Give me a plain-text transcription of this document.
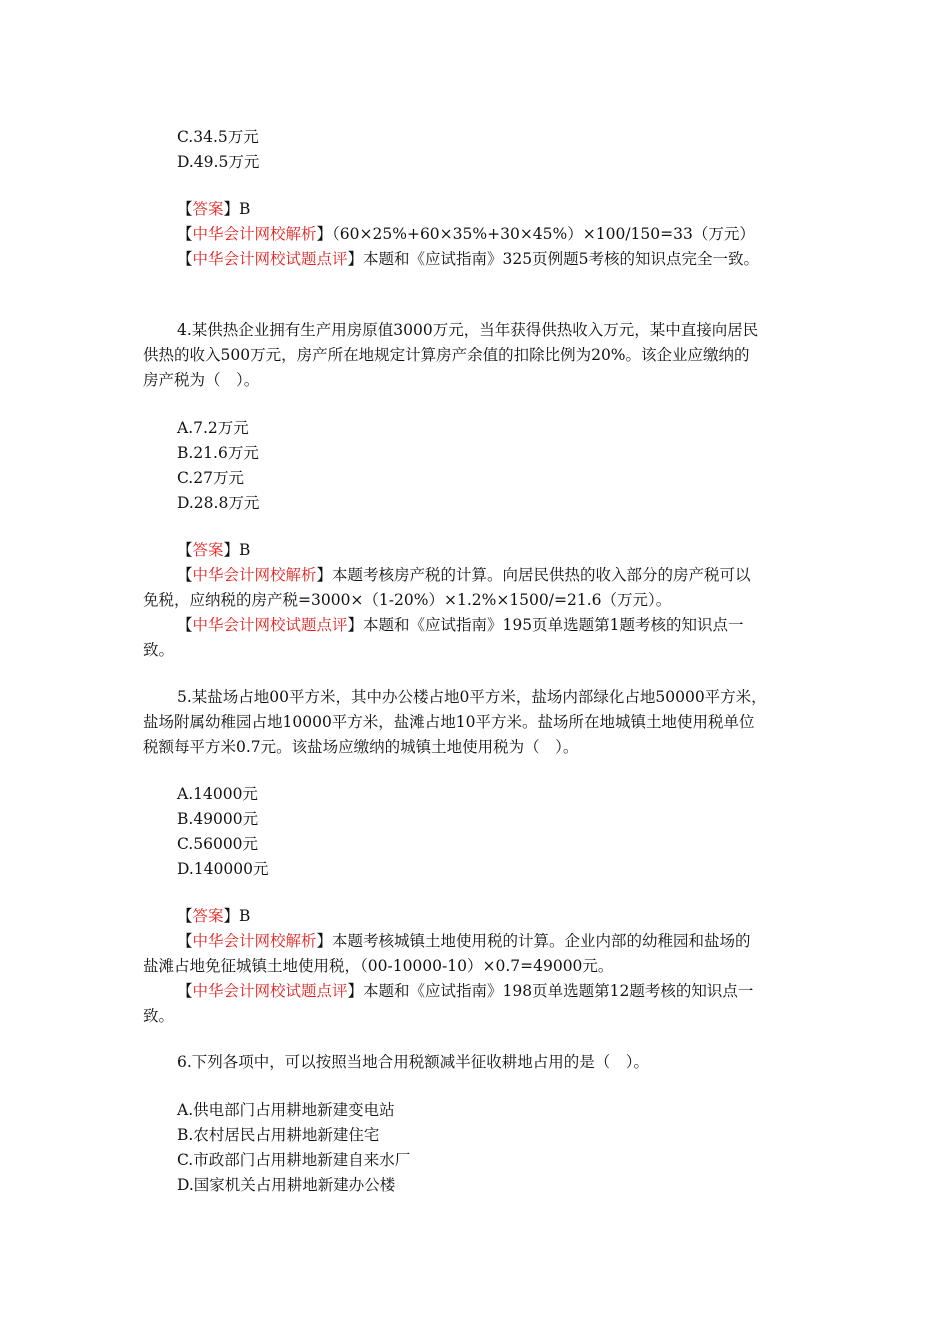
C.34.5万元
D.49.5万元
【答案】B
【中华会计网校解析】（60×25%+60×35%+30×45%）×100/150=33（万元）
【中华会计网校试题点评】本题和《应试指南》325页例题5考核的知识点完全一致。
4.某供热企业拥有生产用房原值3000万元，当年获得供热收入万元，某中直接向居民
供热的收入500万元，房产所在地规定计算房产余值的扣除比例为20%。该企业应缴纳的
房产税为（　）。
A.7.2万元
B.21.6万元
C.27万元
D.28.8万元
【答案】B
【中华会计网校解析】本题考核房产税的计算。向居民供热的收入部分的房产税可以
免税，应纳税的房产税=3000×（1-20%）×1.2%×1500/=21.6（万元）。
【中华会计网校试题点评】本题和《应试指南》195页单选题第1题考核的知识点一
致。
5.某盐场占地00平方米，其中办公楼占地0平方米，盐场内部绿化占地50000平方米，
盐场附属幼稚园占地10000平方米，盐滩占地10平方米。盐场所在地城镇土地使用税单位
税额每平方米0.7元。该盐场应缴纳的城镇土地使用税为（　）。
A.14000元
B.49000元
C.56000元
D.140000元
【答案】B
【中华会计网校解析】本题考核城镇土地使用税的计算。企业内部的幼稚园和盐场的
盐滩占地免征城镇土地使用税，（00-10000-10）×0.7=49000元。
【中华会计网校试题点评】本题和《应试指南》198页单选题第12题考核的知识点一
致。
6.下列各项中，可以按照当地合用税额减半征收耕地占用的是（　）。
A.供电部门占用耕地新建变电站
B.农村居民占用耕地新建住宅
C.市政部门占用耕地新建自来水厂
D.国家机关占用耕地新建办公楼
